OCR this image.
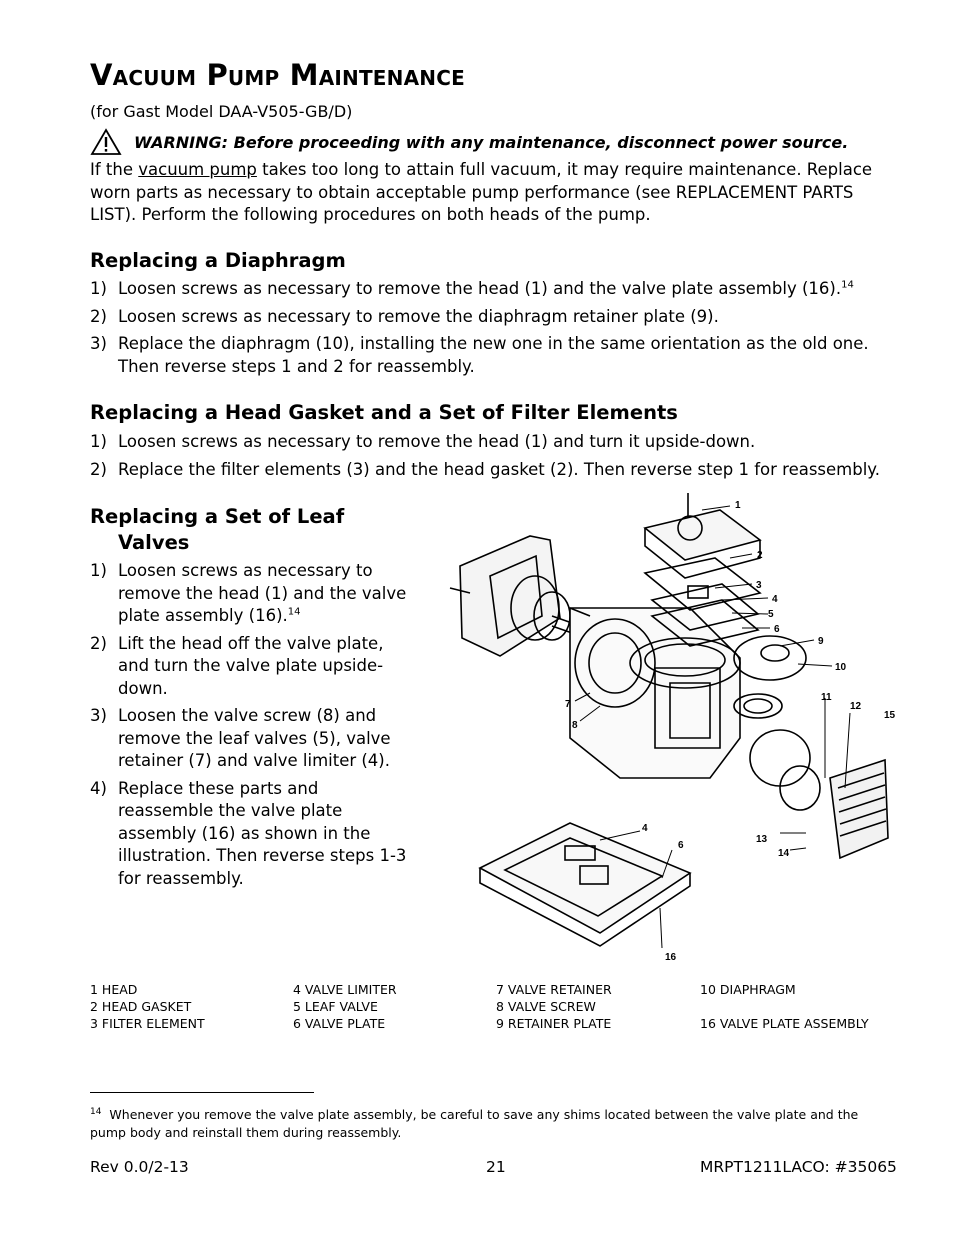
Vacuum Pump Maintenance
(for Gast Model DAA-V505-GB/D)
WARNING: Before proceeding with any maintenance, disconnect power source.
If the vacuum pump takes too long to attain full vacuum, it may require maintenance. Replace worn parts as necessary to obtain acceptable pump performance (see REPLACEMENT PARTS LIST). Perform the following procedures on both heads of the pump.
Replacing a Diaphragm
1) Loosen screws as necessary to remove the head (1) and the valve plate assembly (16).$^{14}$
2) Loosen screws as necessary to remove the diaphragm retainer plate (9).
3) Replace the diaphragm (10), installing the new one in the same orientation as the old one. Then reverse steps 1 and 2 for reassembly.
Replacing a Head Gasket and a Set of Filter Elements
1) Loosen screws as necessary to remove the head (1) and turn it upside-down.
2) Replace the filter elements (3) and the head gasket (2). Then reverse step 1 for reassembly.
Replacing a Set of Leaf
Valves
1) Loosen screws as necessary to remove the head (1) and the valve plate assembly (16).$^{14}$
2) Lift the head off the valve plate, and turn the valve plate upside-down.
3) Loosen the valve screw (8) and remove the leaf valves (5), valve retainer (7) and valve limiter (4).
4) Replace these parts and reassemble the valve plate assembly (16) as shown in the illustration. Then reverse steps 1-3 for reassembly.
1
2
3
4
5
6
9
10
11
12
15
7
8
13
14
4
6
16
1 HEAD
2 HEAD GASKET
3 FILTER ELEMENT
4 VALVE LIMITER
5 LEAF VALVE
6 VALVE PLATE
7 VALVE RETAINER
8 VALVE SCREW
9 RETAINER PLATE
10 DIAPHRAGM

16 VALVE PLATE ASSEMBLY
$^{14}$ Whenever you remove the valve plate assembly, be careful to save any shims located between the valve plate and the pump body and reinstall them during reassembly.
Rev 0.0/2-13	21	MRPT1211LACO: #35065
